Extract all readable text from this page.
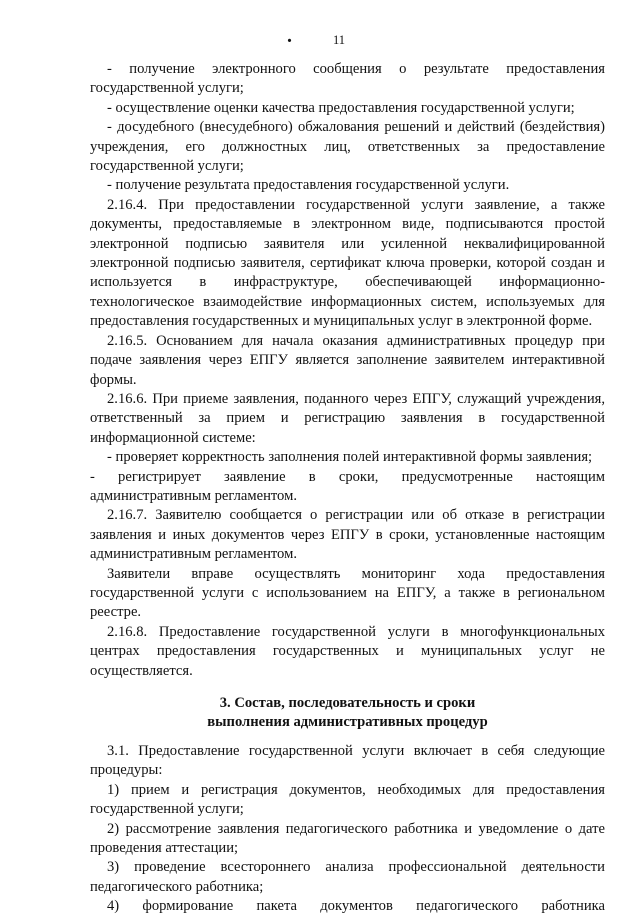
.	11

- получение электронного сообщения о результате предоставления государственной услуги;

- осуществление оценки качества предоставления государственной услуги;

- досудебного (внесудебного) обжалования решений и действий (бездействия) учреждения, его должностных лиц, ответственных за предоставление государственной услуги;

- получение результата предоставления государственной услуги.

2.16.4. При предоставлении государственной услуги заявление, а также документы, предоставляемые в электронном виде, подписываются простой электронной подписью заявителя или усиленной неквалифицированной электронной подписью заявителя, сертификат ключа проверки, которой создан и используется в инфраструктуре, обеспечивающей информационно-технологическое взаимодействие информационных систем, используемых для предоставления государственных и муниципальных услуг в электронной форме.

2.16.5. Основанием для начала оказания административных процедур при подаче заявления через ЕПГУ является заполнение заявителем интерактивной формы.

2.16.6. При приеме заявления, поданного через ЕПГУ, служащий учреждения, ответственный за прием и регистрацию заявления в государственной информационной системе:

- проверяет корректность заполнения полей интерактивной формы заявления;

- регистрирует заявление в сроки, предусмотренные настоящим административным регламентом.

2.16.7. Заявителю сообщается о регистрации или об отказе в регистрации заявления и иных документов через ЕПГУ в сроки, установленные настоящим административным регламентом.

Заявители вправе осуществлять мониторинг хода предоставления государственной услуги с использованием на ЕПГУ, а также в региональном реестре.

2.16.8. Предоставление государственной услуги в многофункциональных центрах предоставления государственных и муниципальных услуг не осуществляется.

3. Состав, последовательность и сроки
выполнения административных процедур

3.1. Предоставление государственной услуги включает в себя следующие процедуры:

1) прием и регистрация документов, необходимых для предоставления государственной услуги;

2) рассмотрение заявления педагогического работника и уведомление о дате проведения аттестации;

3) проведение всестороннего анализа профессиональной деятельности педагогического работника;

4) формирование пакета документов педагогического работника
